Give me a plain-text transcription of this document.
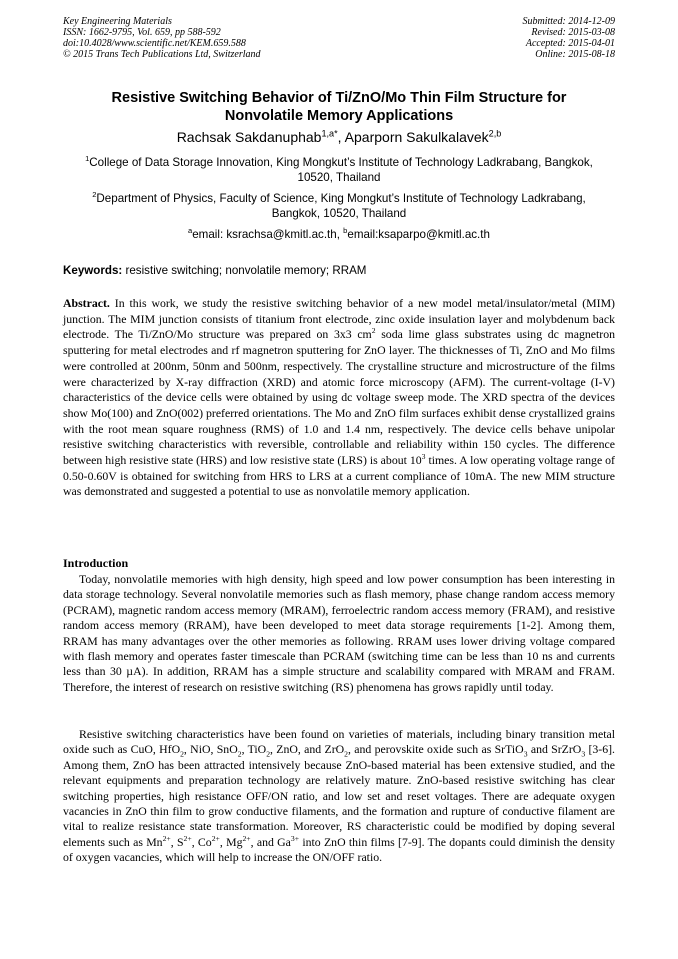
Key Engineering Materials
ISSN: 1662-9795, Vol. 659, pp 588-592
doi:10.4028/www.scientific.net/KEM.659.588
© 2015 Trans Tech Publications Ltd, Switzerland
Submitted: 2014-12-09
Revised: 2015-03-08
Accepted: 2015-04-01
Online: 2015-08-18
Resistive Switching Behavior of Ti/ZnO/Mo Thin Film Structure for
Nonvolatile Memory Applications
Rachsak Sakdanuphab$^{1,a*}$, Aparporn Sakulkalavek$^{2,b}$
$^1$College of Data Storage Innovation, King Mongkut’s Institute of Technology Ladkrabang, Bangkok,
10520, Thailand
$^2$Department of Physics, Faculty of Science, King Mongkut’s Institute of Technology Ladkrabang,
Bangkok, 10520, Thailand
$^a$email: ksrachsa@kmitl.ac.th, $^b$email:ksaparpo@kmitl.ac.th
Keywords: resistive switching; nonvolatile memory; RRAM
Abstract. In this work, we study the resistive switching behavior of a new model metal/insulator/metal (MIM) junction. The MIM junction consists of titanium front electrode, zinc oxide insulation layer and molybdenum back electrode. The Ti/ZnO/Mo structure was prepared on 3x3 $cm^2$ soda lime glass substrates using dc magnetron sputtering for metal electrodes and rf magnetron sputtering for ZnO layer. The thicknesses of Ti, ZnO and Mo films were controlled at 200nm, 50nm and 500nm, respectively. The crystalline structure and microstructure of the films were characterized by X-ray diffraction (XRD) and atomic force microscopy (AFM). The current-voltage (I-V) characteristics of the device cells were obtained by using dc voltage sweep mode. The XRD spectra of the devices show Mo(100) and ZnO(002) preferred orientations. The Mo and ZnO film surfaces exhibit dense crystallized grains with the root mean square roughness (RMS) of 1.0 and 1.4 nm, respectively. The device cells behave unipolar resistive switching characteristics with reversible, controllable and reliability within 150 cycles. The difference between high resistive state (HRS) and low resistive state (LRS) is about $10^3$ times. A low operating voltage range of 0.50-0.60V is obtained for switching from HRS to LRS at a current compliance of 10mA. The new MIM structure was demonstrated and suggested a potential to use as nonvolatile memory application.
Introduction
Today, nonvolatile memories with high density, high speed and low power consumption has been interesting in data storage technology. Several nonvolatile memories such as flash memory, phase change random access memory (PCRAM), magnetic random access memory (MRAM), ferroelectric random access memory (FRAM), and resistive random access memory (RRAM), have been developed to meet data storage requirements [1-2]. Among them, RRAM has many advantages over the other memories as following. RRAM uses lower driving voltage compared with flash memory and operates faster timescale than PCRAM (switching time can be less than 10 ns and currents less than 30 µA). In addition, RRAM has a simple structure and scalability compared with MRAM and FRAM. Therefore, the interest of research on resistive switching (RS) phenomena has grows rapidly until today.
Resistive switching characteristics have been found on varieties of materials, including binary transition metal oxide such as CuO, HfO$_2$, NiO, SnO$_2$, TiO$_2$, ZnO, and ZrO$_2$, and perovskite oxide such as SrTiO$_3$ and SrZrO$_3$ [3-6]. Among them, ZnO has been attracted intensively because ZnO-based material has been extensive studied, and the relevant equipments and preparation technology are relatively mature. ZnO-based resistive switching has clear switching properties, high resistance OFF/ON ratio, and low set and reset voltages. There are adequate oxygen vacancies in ZnO thin film to grow conductive filaments, and the formation and rupture of conductive filament are vital to realize resistance state transformation. Moreover, RS characteristic could be modified by doping several elements such as $Mn^{2+}$, $S^{2+}$, $Co^{2+}$, $Mg^{2+}$, and $Ga^{3+}$ into ZnO thin films [7-9]. The dopants could diminish the density of oxygen vacancies, which will help to increase the ON/OFF ratio.
